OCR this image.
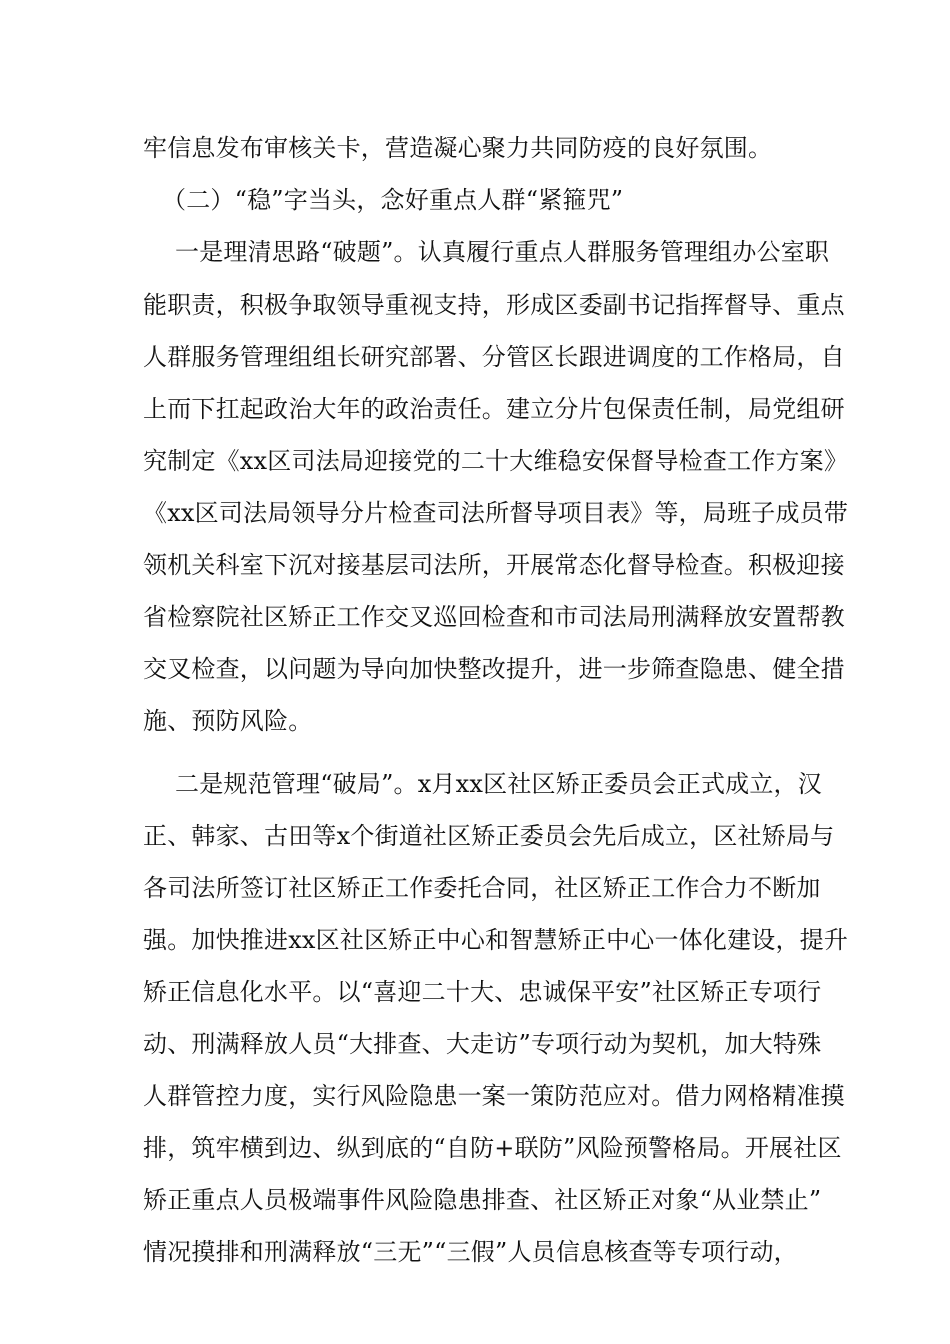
牢信息发布审核关卡，营造凝心聚力共同防疫的良好氛围。
（二）“稳”字当头，念好重点人群“紧箍咒”
一是理清思路“破题”。认真履行重点人群服务管理组办公室职
能职责，积极争取领导重视支持，形成区委副书记指挥督导、重点
人群服务管理组组长研究部署、分管区长跟进调度的工作格局，自
上而下扛起政治大年的政治责任。建立分片包保责任制，局党组研
究制定《xx区司法局迎接党的二十大维稳安保督导检查工作方案》
《xx区司法局领导分片检查司法所督导项目表》等，局班子成员带
领机关科室下沉对接基层司法所，开展常态化督导检查。积极迎接
省检察院社区矫正工作交叉巡回检查和市司法局刑满释放安置帮教
交叉检查，以问题为导向加快整改提升，进一步筛查隐患、健全措
施、预防风险。
二是规范管理“破局”。x月xx区社区矫正委员会正式成立，汉
正、韩家、古田等x个街道社区矫正委员会先后成立，区社矫局与
各司法所签订社区矫正工作委托合同，社区矫正工作合力不断加
强。加快推进xx区社区矫正中心和智慧矫正中心一体化建设，提升
矫正信息化水平。以“喜迎二十大、忠诚保平安”社区矫正专项行
动、刑满释放人员“大排查、大走访”专项行动为契机，加大特殊
人群管控力度，实行风险隐患一案一策防范应对。借力网格精准摸
排，筑牢横到边、纵到底的“自防+联防”风险预警格局。开展社区
矫正重点人员极端事件风险隐患排查、社区矫正对象“从业禁止”
情况摸排和刑满释放“三无”“三假”人员信息核查等专项行动，
